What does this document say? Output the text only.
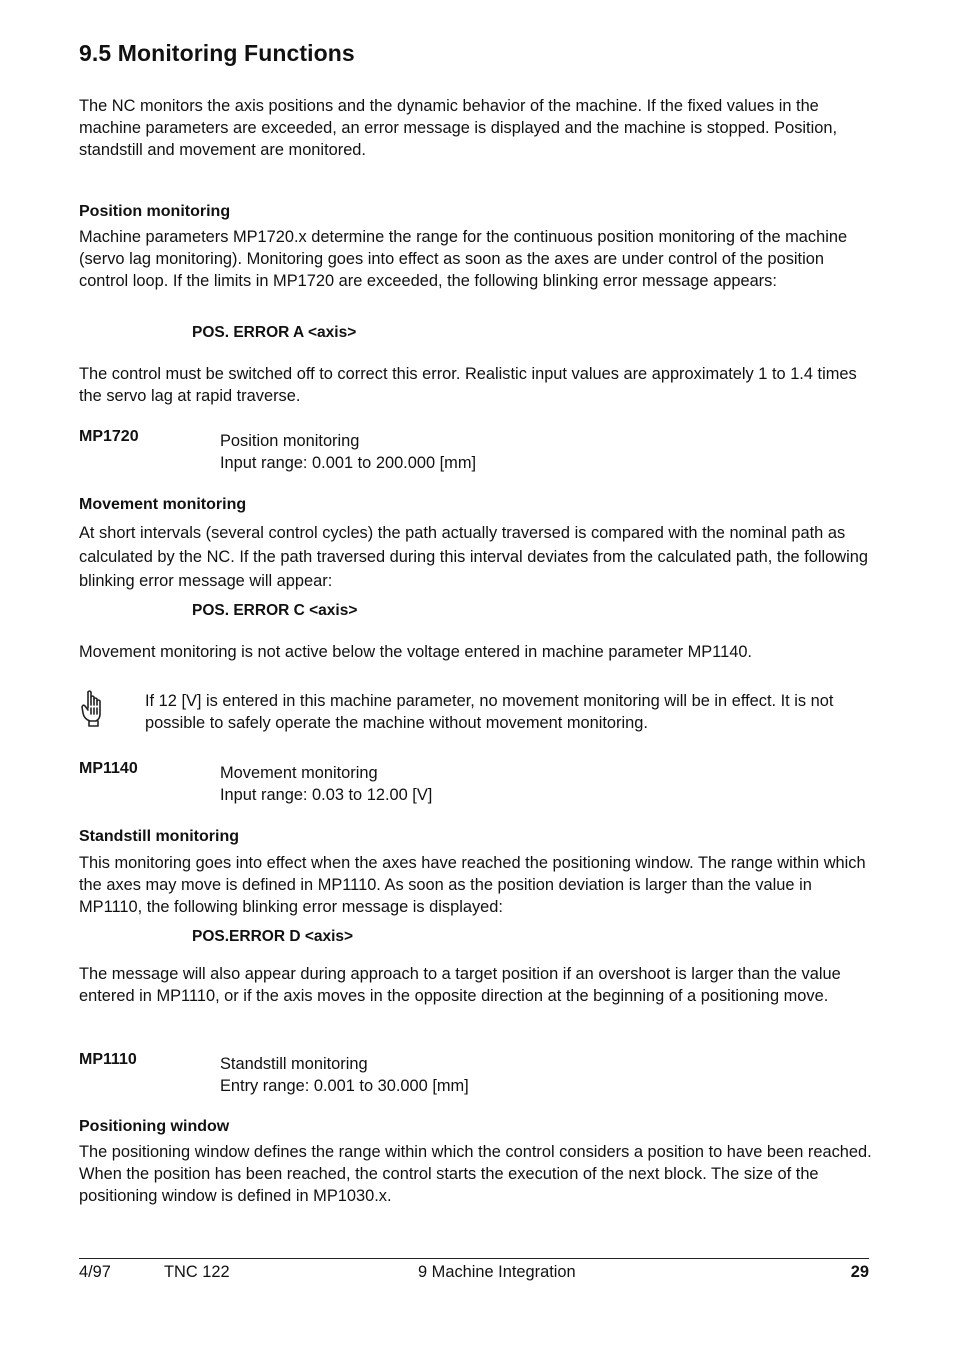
9.5 Monitoring Functions

The NC monitors the axis positions and the dynamic behavior of the machine. If the fixed values in the machine parameters are exceeded, an error message is displayed and the machine is stopped. Position, standstill and movement are monitored.

Position monitoring

Machine parameters MP1720.x determine the range for the continuous position monitoring of the machine (servo lag monitoring). Monitoring goes into effect as soon as the axes are under control of the position control loop. If the limits in MP1720 are exceeded, the following blinking error message appears:

POS. ERROR A <axis>

The control must be switched off to correct this error. Realistic input values are approximately 1 to 1.4 times the servo lag at rapid traverse.

MP1720	Position monitoring

Input range: 0.001 to 200.000 [mm]

Movement monitoring

At short intervals (several control cycles) the path actually traversed is compared with the nominal path as calculated by the NC. If the path traversed during this interval deviates from the calculated path, the following blinking error message will appear:

POS. ERROR C <axis>

Movement monitoring is not active below the voltage entered in machine parameter MP1140.

If 12 [V] is entered in this machine parameter, no movement monitoring will be in effect. It is not possible to safely operate the machine without movement monitoring.

MP1140	Movement monitoring

Input range: 0.03 to 12.00 [V]

Standstill monitoring

This monitoring goes into effect when the axes have reached the positioning window. The range within which the axes may move is defined in MP1110. As soon as the position deviation is larger than the value in MP1110, the following blinking error message is displayed:

POS.ERROR D <axis>

The message will also appear during approach to a target position if an overshoot is larger than the value entered in MP1110, or if the axis moves in the opposite direction at the beginning of a positioning move.

MP1110	Standstill monitoring

Entry range: 0.001 to 30.000 [mm]

Positioning window

The positioning window defines the range within which the control considers a position to have been reached. When the position has been reached, the control starts the execution of the next block. The size of the positioning window is defined in MP1030.x.

4/97	TNC 122	9 Machine Integration	29
